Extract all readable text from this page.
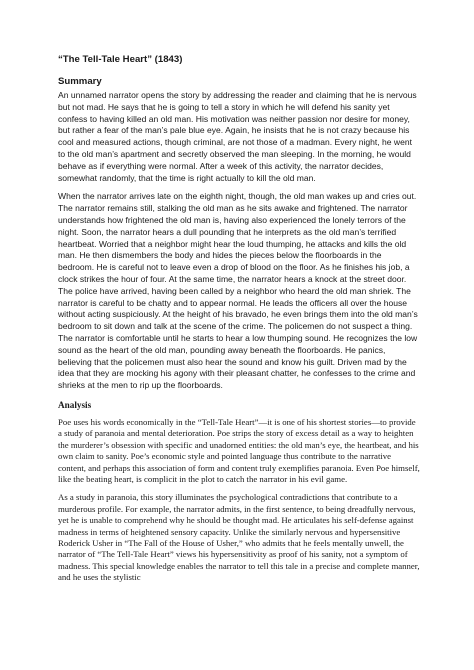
“The Tell-Tale Heart” (1843)
Summary

An unnamed narrator opens the story by addressing the reader and claiming that he is nervous but not mad. He says that he is going to tell a story in which he will defend his sanity yet confess to having killed an old man. His motivation was neither passion nor desire for money, but rather a fear of the man’s pale blue eye. Again, he insists that he is not crazy because his cool and measured actions, though criminal, are not those of a madman. Every night, he went to the old man’s apartment and secretly observed the man sleeping. In the morning, he would behave as if everything were normal. After a week of this activity, the narrator decides, somewhat randomly, that the time is right actually to kill the old man.

When the narrator arrives late on the eighth night, though, the old man wakes up and cries out. The narrator remains still, stalking the old man as he sits awake and frightened. The narrator understands how frightened the old man is, having also experienced the lonely terrors of the night. Soon, the narrator hears a dull pounding that he interprets as the old man’s terrified heartbeat. Worried that a neighbor might hear the loud thumping, he attacks and kills the old man. He then dismembers the body and hides the pieces below the floorboards in the bedroom. He is careful not to leave even a drop of blood on the floor. As he finishes his job, a clock strikes the hour of four. At the same time, the narrator hears a knock at the street door. The police have arrived, having been called by a neighbor who heard the old man shriek. The narrator is careful to be chatty and to appear normal. He leads the officers all over the house without acting suspiciously. At the height of his bravado, he even brings them into the old man’s bedroom to sit down and talk at the scene of the crime. The policemen do not suspect a thing. The narrator is comfortable until he starts to hear a low thumping sound. He recognizes the low sound as the heart of the old man, pounding away beneath the floorboards. He panics, believing that the policemen must also hear the sound and know his guilt. Driven mad by the idea that they are mocking his agony with their pleasant chatter, he confesses to the crime and shrieks at the men to rip up the floorboards.

Analysis

Poe uses his words economically in the “Tell-Tale Heart”—it is one of his shortest stories—to provide a study of paranoia and mental deterioration. Poe strips the story of excess detail as a way to heighten the murderer’s obsession with specific and unadorned entities: the old man’s eye, the heartbeat, and his own claim to sanity. Poe’s economic style and pointed language thus contribute to the narrative content, and perhaps this association of form and content truly exemplifies paranoia. Even Poe himself, like the beating heart, is complicit in the plot to catch the narrator in his evil game.

As a study in paranoia, this story illuminates the psychological contradictions that contribute to a murderous profile. For example, the narrator admits, in the first sentence, to being dreadfully nervous, yet he is unable to comprehend why he should be thought mad. He articulates his self-defense against madness in terms of heightened sensory capacity. Unlike the similarly nervous and hypersensitive Roderick Usher in “The Fall of the House of Usher,” who admits that he feels mentally unwell, the narrator of “The Tell-Tale Heart” views his hypersensitivity as proof of his sanity, not a symptom of madness. This special knowledge enables the narrator to tell this tale in a precise and complete manner, and he uses the stylistic
